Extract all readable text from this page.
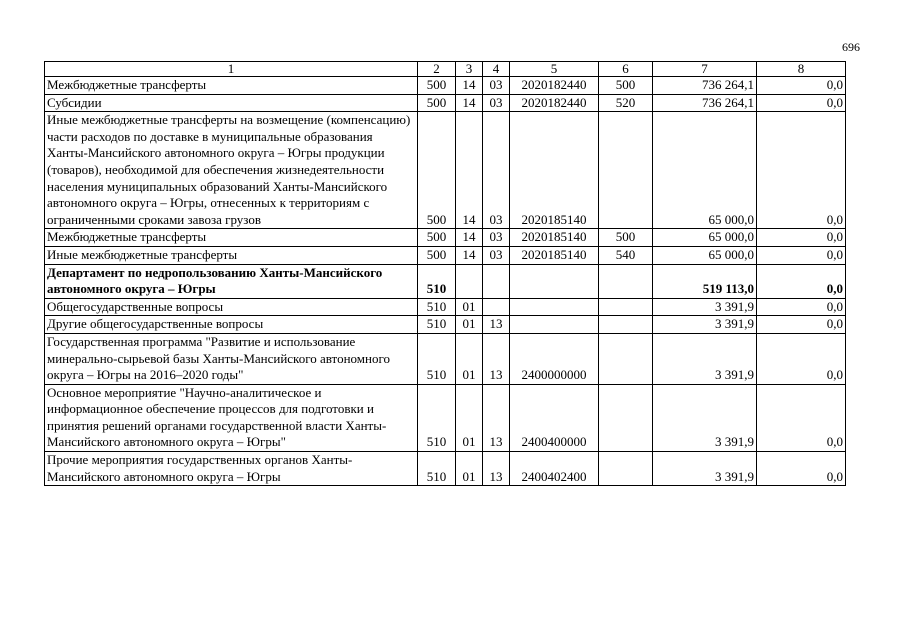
696
1	2	3	4	5	6	7	8
Межбюджетные трансферты	500	14	03	2020182440	500	736 264,1	0,0
Субсидии	500	14	03	2020182440	520	736 264,1	0,0
Иные межбюджетные трансферты на возмещение (компенсацию) части расходов по доставке в муниципальные образования Ханты-Мансийского автономного округа – Югры продукции (товаров), необходимой для обеспечения жизнедеятельности населения муниципальных образований Ханты-Мансийского автономного округа – Югры, отнесенных к территориям с ограниченными сроками завоза грузов	500	14	03	2020185140		65 000,0	0,0
Межбюджетные трансферты	500	14	03	2020185140	500	65 000,0	0,0
Иные межбюджетные трансферты	500	14	03	2020185140	540	65 000,0	0,0
Департамент по недропользованию Ханты-Мансийского автономного округа – Югры	510					519 113,0	0,0
Общегосударственные вопросы	510	01				3 391,9	0,0
Другие общегосударственные вопросы	510	01	13			3 391,9	0,0
Государственная программа "Развитие и использование минерально-сырьевой базы Ханты-Мансийского автономного округа – Югры на 2016–2020 годы"	510	01	13	2400000000		3 391,9	0,0
Основное мероприятие "Научно-аналитическое и информационное обеспечение процессов для подготовки и принятия решений органами государственной власти Ханты-Мансийского автономного округа – Югры"	510	01	13	2400400000		3 391,9	0,0
Прочие мероприятия государственных органов Ханты-Мансийского автономного округа – Югры	510	01	13	2400402400		3 391,9	0,0
